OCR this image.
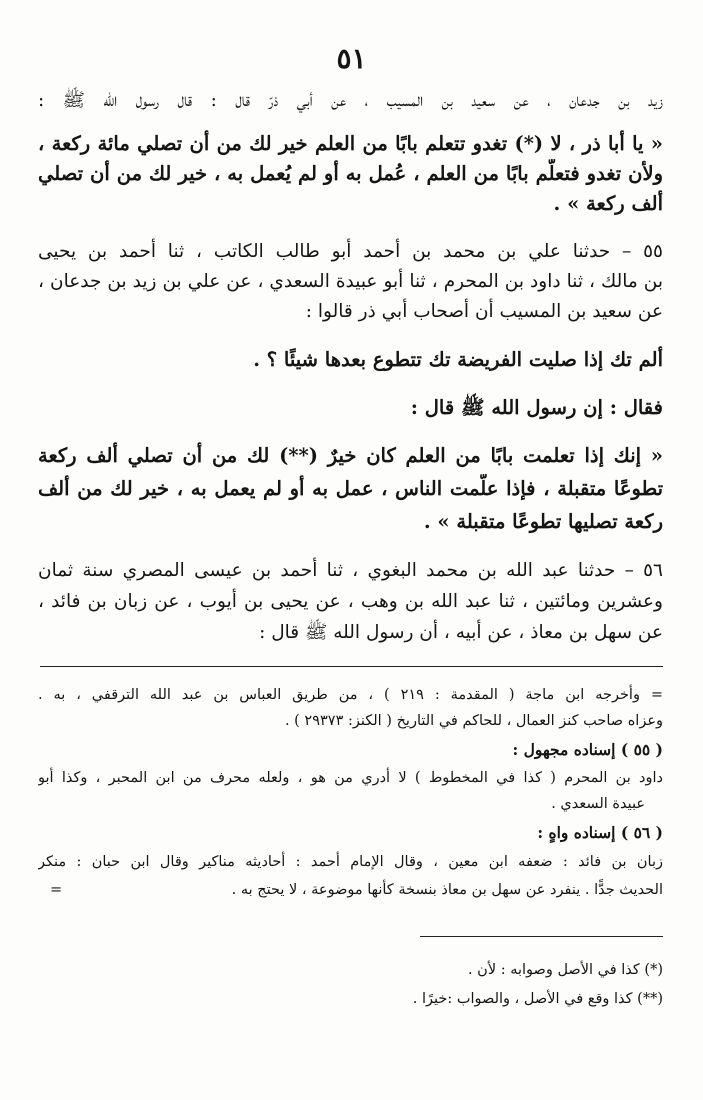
٥١
زيد بن جدعان ، عن سعيد بن المسيب ، عن أبي ذرّ قال : قال رسول الله ﷺ :
« يا أبا ذر ، لا (*) تغدو تتعلم بابًا من العلم خير لك من أن تصلي مائة ركعة ،
ولأن تغدو فتعلّم بابًا من العلم ، عُمل به أو لم يُعمل به ، خير لك من أن تصلي
ألف ركعة » .
٥٥ – حدثنا علي بن محمد بن أحمد أبو طالب الكاتب ، ثنا أحمد بن يحيى
بن مالك ، ثنا داود بن المحرم ، ثنا أبو عبيدة السعدي ، عن علي بن زيد بن جدعان ،
عن سعيد بن المسيب أن أصحاب أبي ذر قالوا :
ألم تك إذا صليت الفريضة تك تتطوع بعدها شيئًا ؟ .
فقال : إن رسول الله ﷺ قال :
« إنك إذا تعلمت بابًا من العلم كان خيرٌ (**) لك من أن تصلي ألف ركعة
تطوعًا متقبلة ، فإذا علّمت الناس ، عمل به أو لم يعمل به ، خير لك من ألف
ركعة تصليها تطوعًا متقبلة » .
٥٦ – حدثنا عبد الله بن محمد البغوي ، ثنا أحمد بن عيسى المصري سنة ثمان
وعشرين ومائتين ، ثنا عبد الله بن وهب ، عن يحيى بن أيوب ، عن زبان بن فائد ،
عن سهل بن معاذ ، عن أبيه ، أن رسول الله ﷺ قال :
= وأخرجه ابن ماجة ( المقدمة : ٢١٩ ) ، من طريق العباس بن عبد الله الترقفي ، به .
وعزاه صاحب كنز العمال ، للحاكم في التاريخ ( الكنز: ٢٩٣٧٣ ) .
( ٥٥ ) إسناده مجهول :
داود بن المحرم ( كذا في المخطوط ) لا أدري من هو ، ولعله محرف من ابن المحبر ، وكذا أبو
عبيدة السعدي .
( ٥٦ ) إسناده واهٍ :
زبان بن فائد : ضعفه ابن معين ، وقال الإمام أحمد : أحاديثه مناكير وقال ابن حبان : منكر
الحديث جدًّا . ينفرد عن سهل بن معاذ بنسخة كأنها موضوعة ، لا يحتج به .
=
(*) كذا في الأصل وصوابه : لأن .
(**) كذا وقع في الأصل ، والصواب :خيرًا .
